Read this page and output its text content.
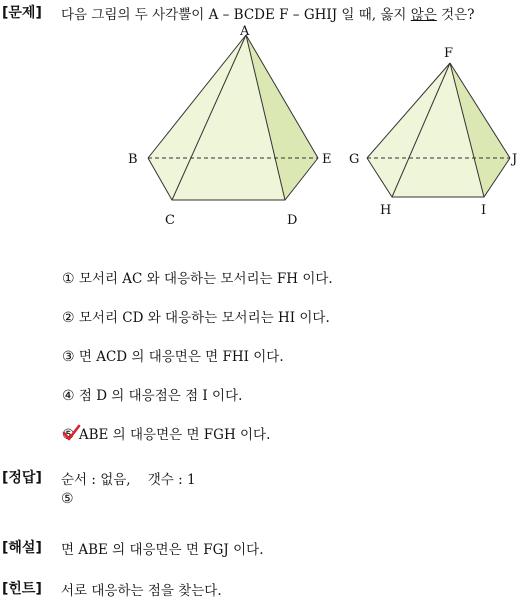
[문제] 다음 그림의 두 사각뿔이 A – BCDE F – GHIJ 일 때, 옳지 않은 것은?
A
B
C	D
E
F
G
H	I
J
① 모서리 AC 와 대응하는 모서리는 FH 이다.
② 모서리 CD 와 대응하는 모서리는 HI 이다.
③ 면 ACD 의 대응면은 면 FHI 이다.
④ 점 D 의 대응점은 점 I 이다.
⑤ ABE 의 대응면은 면 FGH 이다.
[정답] 순서 : 없음,    갯수 : 1
⑤
[해설] 면 ABE 의 대응면은 면 FGJ 이다.
[힌트] 서로 대응하는 점을 찾는다.
